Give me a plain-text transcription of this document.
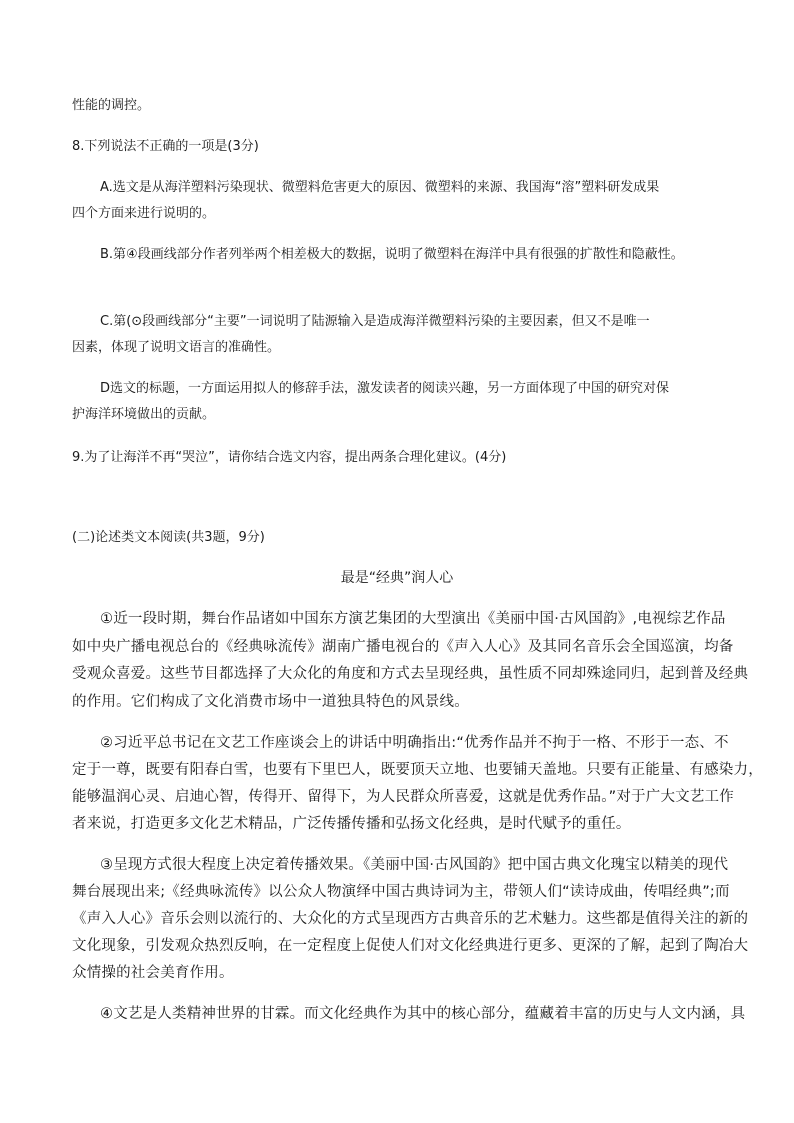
性能的调控。
8.下列说法不正确的一项是(3分)
A.选文是从海洋塑料污染现状、微塑料危害更大的原因、微塑料的来源、我国海“溶”塑料研发成果
四个方面来进行说明的。
B.第④段画线部分作者列举两个相差极大的数据，说明了微塑料在海洋中具有很强的扩散性和隐蔽性。
C.第(⊙段画线部分“主要”一词说明了陆源输入是造成海洋微塑料污染的主要因素，但又不是唯一
因素，体现了说明文语言的准确性。
D选文的标题，一方面运用拟人的修辞手法，激发读者的阅读兴趣，另一方面体现了中国的研究对保
护海洋环境做出的贡献。
9.为了让海洋不再“哭泣”，请你结合选文内容，提出两条合理化建议。(4分)
(二)论述类文本阅读(共3题，9分)
最是“经典”润人心
①近一段时期，舞台作品诸如中国东方演艺集团的大型演出《美丽中国·古风国韵》,电视综艺作品
如中央广播电视总台的《经典咏流传》湖南广播电视台的《声入人心》及其同名音乐会全国巡演，均备
受观众喜爱。这些节目都选择了大众化的角度和方式去呈现经典，虽性质不同却殊途同归，起到普及经典
的作用。它们构成了文化消费市场中一道独具特色的风景线。
②习近平总书记在文艺工作座谈会上的讲话中明确指出:“优秀作品并不拘于一格、不形于一态、不
定于一尊，既要有阳春白雪，也要有下里巴人，既要顶天立地、也要铺天盖地。只要有正能量、有感染力，
能够温润心灵、启迪心智，传得开、留得下，为人民群众所喜爱，这就是优秀作品。”对于广大文艺工作
者来说，打造更多文化艺术精品，广泛传播传播和弘扬文化经典，是时代赋予的重任。
③呈现方式很大程度上决定着传播效果。《美丽中国·古风国韵》把中国古典文化瑰宝以精美的现代
舞台展现出来;《经典咏流传》以公众人物演绎中国古典诗词为主，带领人们“读诗成曲，传唱经典”;而
《声入人心》音乐会则以流行的、大众化的方式呈现西方古典音乐的艺术魅力。这些都是值得关注的新的
文化现象，引发观众热烈反响，在一定程度上促使人们对文化经典进行更多、更深的了解，起到了陶冶大
众情操的社会美育作用。
④文艺是人类精神世界的甘霖。而文化经典作为其中的核心部分，蕴藏着丰富的历史与人文内涵，具
